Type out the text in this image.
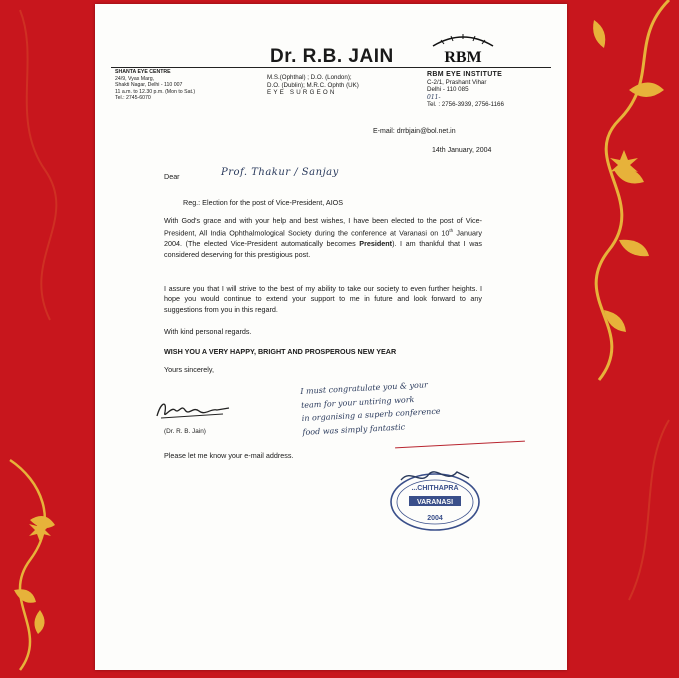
Dr. R.B. JAIN	RBM
SHANTA EYE CENTRE
24/9, Vyas Marg,
Shakti Nagar, Delhi - 110 007
11 a.m. to 12.30 p.m. (Mon to Sat.)
Tel.: 2745-6070
M.S.(Ophthal) ; D.O. (London);
D.O. (Dublin); M.R.C. Ophth (UK)
EYE SURGEON
RBM EYE INSTITUTE
C-2/1, Prashant Vihar
Delhi - 110 085
011-
Tel. : 2756-3939, 2756-1166
E-mail: drrbjain@bol.net.in
14th January, 2004
Dear	Prof. Thakur / Sanjay
Reg.: Election for the post of Vice-President, AIOS
With God's grace and with your help and best wishes, I have been elected to the post of Vice-President, All India Ophthalmological Society during the conference at Varanasi on 10th January 2004. (The elected Vice-President automatically becomes President). I am thankful that I was considered deserving for this prestigious post.
I assure you that I will strive to the best of my ability to take our society to even further heights. I hope you would continue to extend your support to me in future and look forward to any suggestions from you in this regard.
With kind personal regards.
WISH YOU A VERY HAPPY, BRIGHT AND PROSPEROUS NEW YEAR
Yours sincerely,
(Dr. R. B. Jain)
I must congratulate you & your
team for your untiring work
in organising a superb conference
food was simply fantastic
Please let me know your e-mail address.
...CHITHAPRA
VARANASI
2004
